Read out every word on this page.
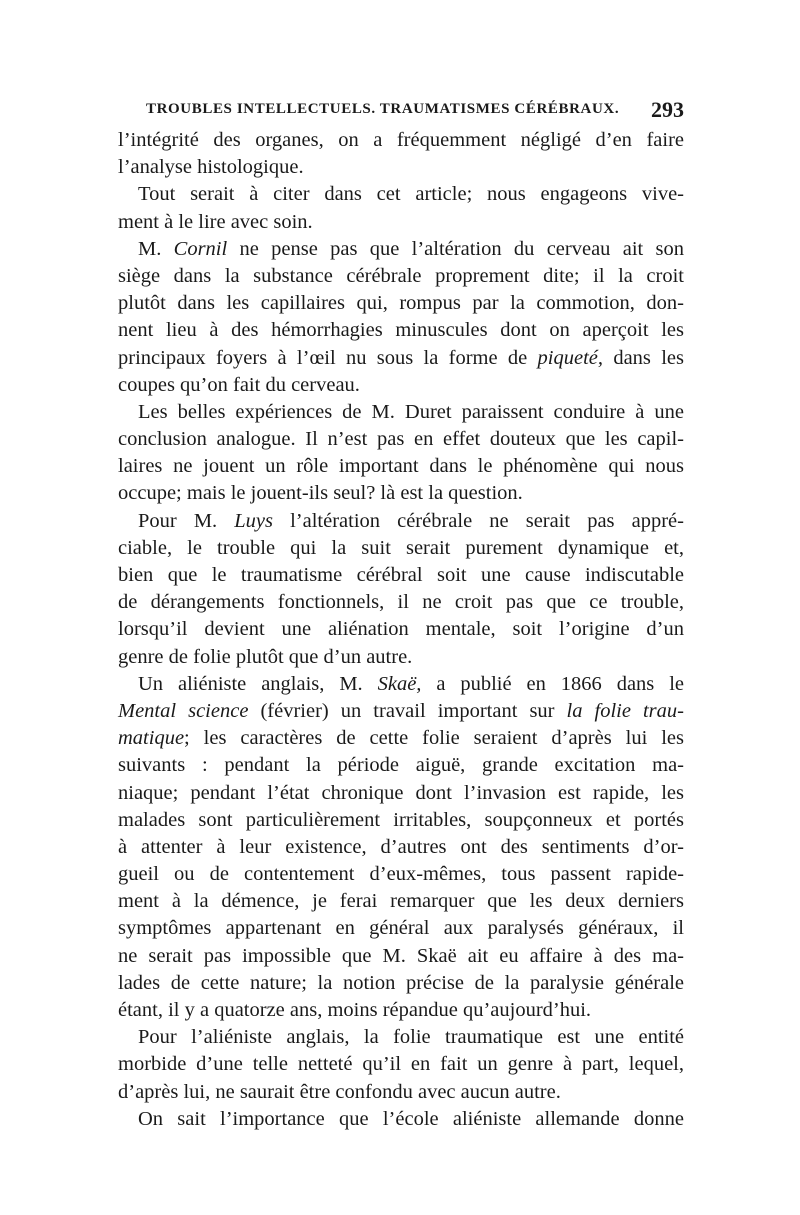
TROUBLES INTELLECTUELS. TRAUMATISMES CÉRÉBRAUX. 293
l’intégrité des organes, on a fréquemment négligé d’en faire
l’analyse histologique.
Tout serait à citer dans cet article; nous engageons vive-
ment à le lire avec soin.
M. Cornil ne pense pas que l’altération du cerveau ait son
siège dans la substance cérébrale proprement dite; il la croit
plutôt dans les capillaires qui, rompus par la commotion, don-
nent lieu à des hémorrhagies minuscules dont on aperçoit les
principaux foyers à l’œil nu sous la forme de piqueté, dans les
coupes qu’on fait du cerveau.
Les belles expériences de M. Duret paraissent conduire à une
conclusion analogue. Il n’est pas en effet douteux que les capil-
laires ne jouent un rôle important dans le phénomène qui nous
occupe; mais le jouent-ils seul? là est la question.
Pour M. Luys l’altération cérébrale ne serait pas appré-
ciable, le trouble qui la suit serait purement dynamique et,
bien que le traumatisme cérébral soit une cause indiscutable
de dérangements fonctionnels, il ne croit pas que ce trouble,
lorsqu’il devient une aliénation mentale, soit l’origine d’un
genre de folie plutôt que d’un autre.
Un aliéniste anglais, M. Skaë, a publié en 1866 dans le
Mental science (février) un travail important sur la folie trau-
matique; les caractères de cette folie seraient d’après lui les
suivants : pendant la période aiguë, grande excitation ma-
niaque; pendant l’état chronique dont l’invasion est rapide, les
malades sont particulièrement irritables, soupçonneux et portés
à attenter à leur existence, d’autres ont des sentiments d’or-
gueil ou de contentement d’eux-mêmes, tous passent rapide-
ment à la démence, je ferai remarquer que les deux derniers
symptômes appartenant en général aux paralysés généraux, il
ne serait pas impossible que M. Skaë ait eu affaire à des ma-
lades de cette nature; la notion précise de la paralysie générale
étant, il y a quatorze ans, moins répandue qu’aujourd’hui.
Pour l’aliéniste anglais, la folie traumatique est une entité
morbide d’une telle netteté qu’il en fait un genre à part, lequel,
d’après lui, ne saurait être confondu avec aucun autre.
On sait l’importance que l’école aliéniste allemande donne
